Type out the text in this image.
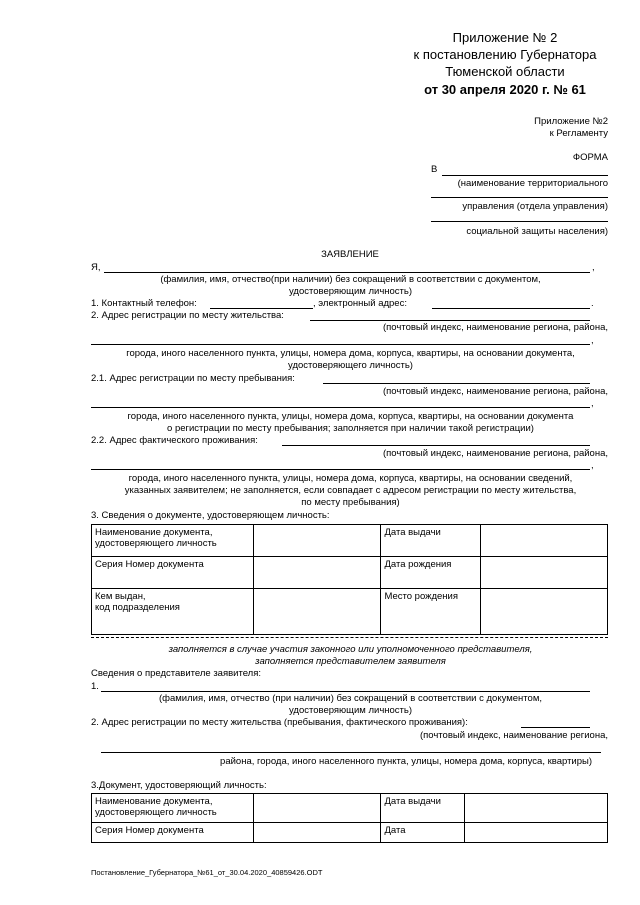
Приложение № 2
к постановлению Губернатора
Тюменской области
от 30 апреля 2020 г. № 61
Приложение №2
к Регламенту
ФОРМА
В
(наименование территориального
управления (отдела управления)
социальной защиты населения)
ЗАЯВЛЕНИЕ
Я,	,
(фамилия, имя, отчество(при наличии) без сокращений в соответствии с документом,
удостоверяющим личность)
1. Контактный телефон:	, электронный адрес:	.
2. Адрес регистрации по месту жительства:
(почтовый индекс, наименование региона, района,
,
города, иного населенного пункта, улицы, номера дома, корпуса, квартиры, на основании документа,
удостоверяющего личность)
2.1. Адрес регистрации по месту пребывания:
(почтовый индекс, наименование региона, района,
,
города, иного населенного пункта, улицы, номера дома, корпуса, квартиры, на основании документа
о регистрации по месту пребывания; заполняется при наличии такой регистрации)
2.2. Адрес фактического проживания:
(почтовый индекс, наименование региона, района,
,
города, иного населенного пункта, улицы, номера дома, корпуса, квартиры, на основании сведений,
указанных заявителем; не заполняется, если совпадает с адресом регистрации по месту жительства,
по месту пребывания)
3. Сведения о документе, удостоверяющем личность:
Наименование документа,
удостоверяющего личность		Дата выдачи	
Серия Номер документа		Дата рождения	

Кем выдан,
код подразделения		Место рождения	
заполняется в случае участия законного или уполномоченного представителя,
заполняется представителем заявителя
Сведения о представителе заявителя:
1.
(фамилия, имя, отчество (при наличии) без сокращений в соответствии с документом,
удостоверяющим личность)
2. Адрес регистрации по месту жительства (пребывания, фактического проживания):
(почтовый индекс, наименование региона,
района, города, иного населенного пункта, улицы, номера дома, корпуса, квартиры)
3.Документ, удостоверяющий личность:
Наименование документа,
удостоверяющего личность		Дата выдачи	
Серия Номер документа		Дата	
Постановление_Губернатора_№61_от_30.04.2020_40859426.ODT
